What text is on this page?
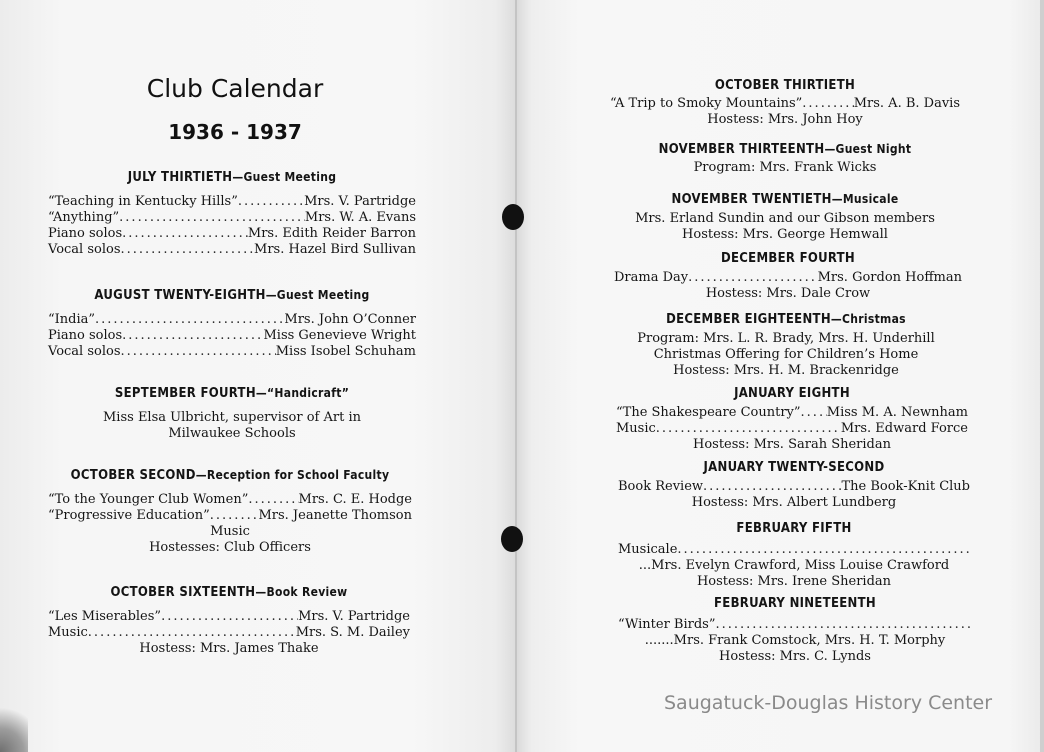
Club Calendar
1936 - 1937
JULY THIRTIETH—Guest Meeting
“Teaching in Kentucky Hills” .....	Mrs. V. Partridge
“Anything” .....	Mrs. W. A. Evans
Piano solos .....	Mrs. Edith Reider Barron
Vocal solos .....	Mrs. Hazel Bird Sullivan
AUGUST TWENTY-EIGHTH—Guest Meeting
“India” .....	Mrs. John O’Conner
Piano solos .....	Miss Genevieve Wright
Vocal solos .....	Miss Isobel Schuham
SEPTEMBER FOURTH—“Handicraft”
Miss Elsa Ulbricht, supervisor of Art in
Milwaukee Schools
OCTOBER SECOND—Reception for School Faculty
“To the Younger Club Women” .....	Mrs. C. E. Hodge
“Progressive Education” .....	Mrs. Jeanette Thomson
Music
Hostesses: Club Officers
OCTOBER SIXTEENTH—Book Review
“Les Miserables” .....	Mrs. V. Partridge
Music .....	Mrs. S. M. Dailey
Hostess: Mrs. James Thake
OCTOBER THIRTIETH
“A Trip to Smoky Mountains” .....	Mrs. A. B. Davis
Hostess: Mrs. John Hoy
NOVEMBER THIRTEENTH—Guest Night
Program: Mrs. Frank Wicks
NOVEMBER TWENTIETH—Musicale
Mrs. Erland Sundin and our Gibson members
Hostess: Mrs. George Hemwall
DECEMBER FOURTH
Drama Day .....	Mrs. Gordon Hoffman
Hostess: Mrs. Dale Crow
DECEMBER EIGHTEENTH—Christmas
Program: Mrs. L. R. Brady, Mrs. H. Underhill
Christmas Offering for Children’s Home
Hostess: Mrs. H. M. Brackenridge
JANUARY EIGHTH
“The Shakespeare Country” ..... Miss M. A. Newnham
Music .....	Mrs. Edward Force
Hostess: Mrs. Sarah Sheridan
JANUARY TWENTY-SECOND
Book Review .....	The Book-Knit Club
Hostess: Mrs. Albert Lundberg
FEBRUARY FIFTH
Musicale
.....
...Mrs. Evelyn Crawford, Miss Louise Crawford
Hostess: Mrs. Irene Sheridan
FEBRUARY NINETEENTH
“Winter Birds”
.....
.......Mrs. Frank Comstock, Mrs. H. T. Morphy
Hostess: Mrs. C. Lynds
Saugatuck-Douglas History Center
